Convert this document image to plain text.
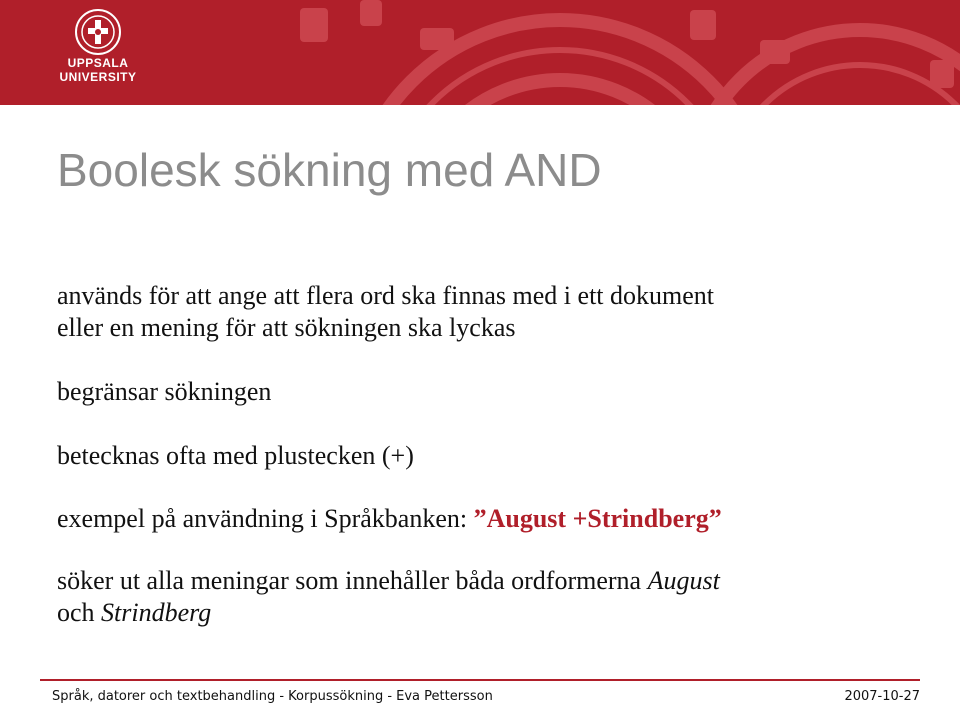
UPPSALA
UNIVERSITY
Boolesk sökning med AND

används för att ange att flera ord ska finnas med i ett dokument
eller en mening för att sökningen ska lyckas

begränsar sökningen

betecknas ofta med plustecken (+)

exempel på användning i Språkbanken: ”August +Strindberg”

söker ut alla meningar som innehåller båda ordformerna August
och Strindberg

Språk, datorer och textbehandling - Korpussökning - Eva Pettersson	2007-10-27
